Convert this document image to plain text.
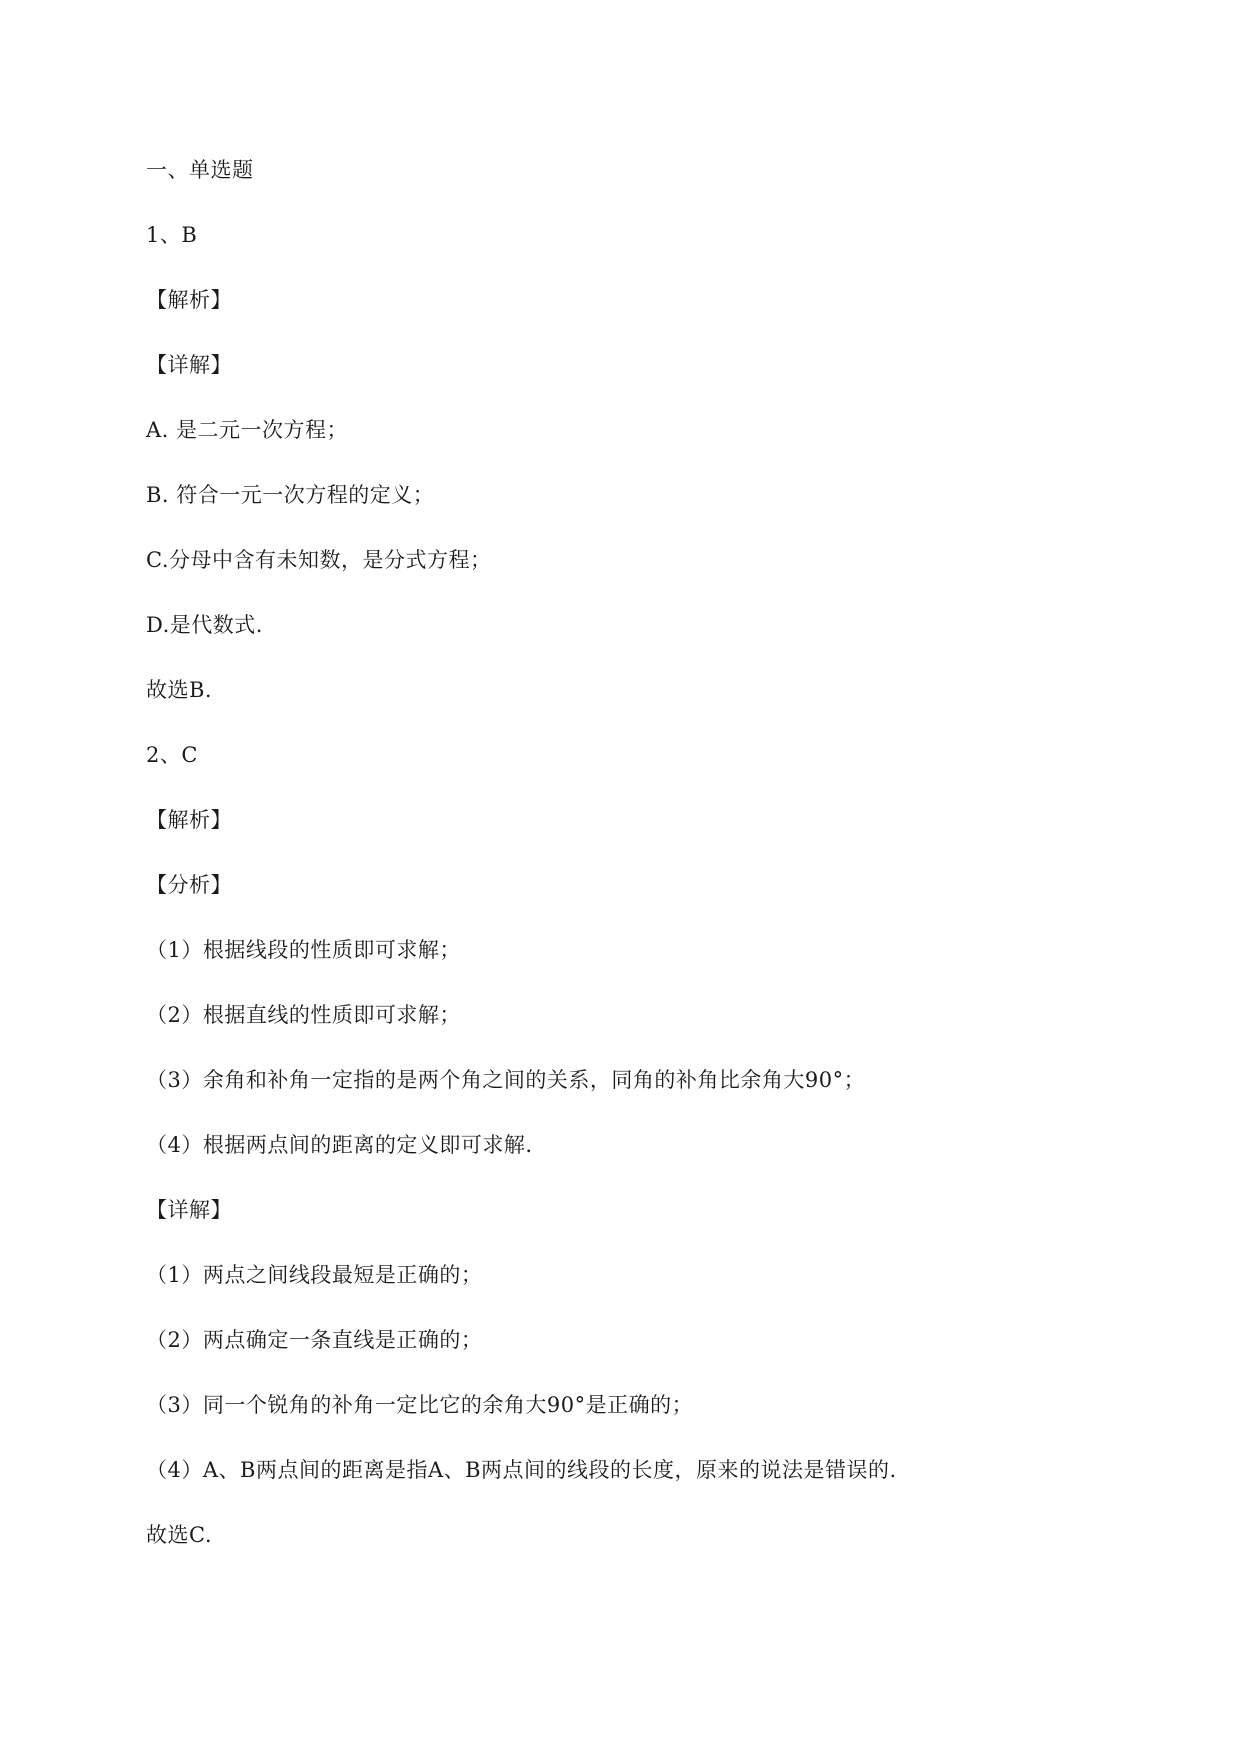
一、单选题
1、B
【解析】
【详解】
A. 是二元一次方程；
B. 符合一元一次方程的定义；
C.分母中含有未知数，是分式方程；
D.是代数式.
故选B.
2、C
【解析】
【分析】
（1）根据线段的性质即可求解；
（2）根据直线的性质即可求解；
（3）余角和补角一定指的是两个角之间的关系，同角的补角比余角大90°；
（4）根据两点间的距离的定义即可求解.
【详解】
（1）两点之间线段最短是正确的；
（2）两点确定一条直线是正确的；
（3）同一个锐角的补角一定比它的余角大90°是正确的；
（4）A、B两点间的距离是指A、B两点间的线段的长度，原来的说法是错误的.
故选C.
